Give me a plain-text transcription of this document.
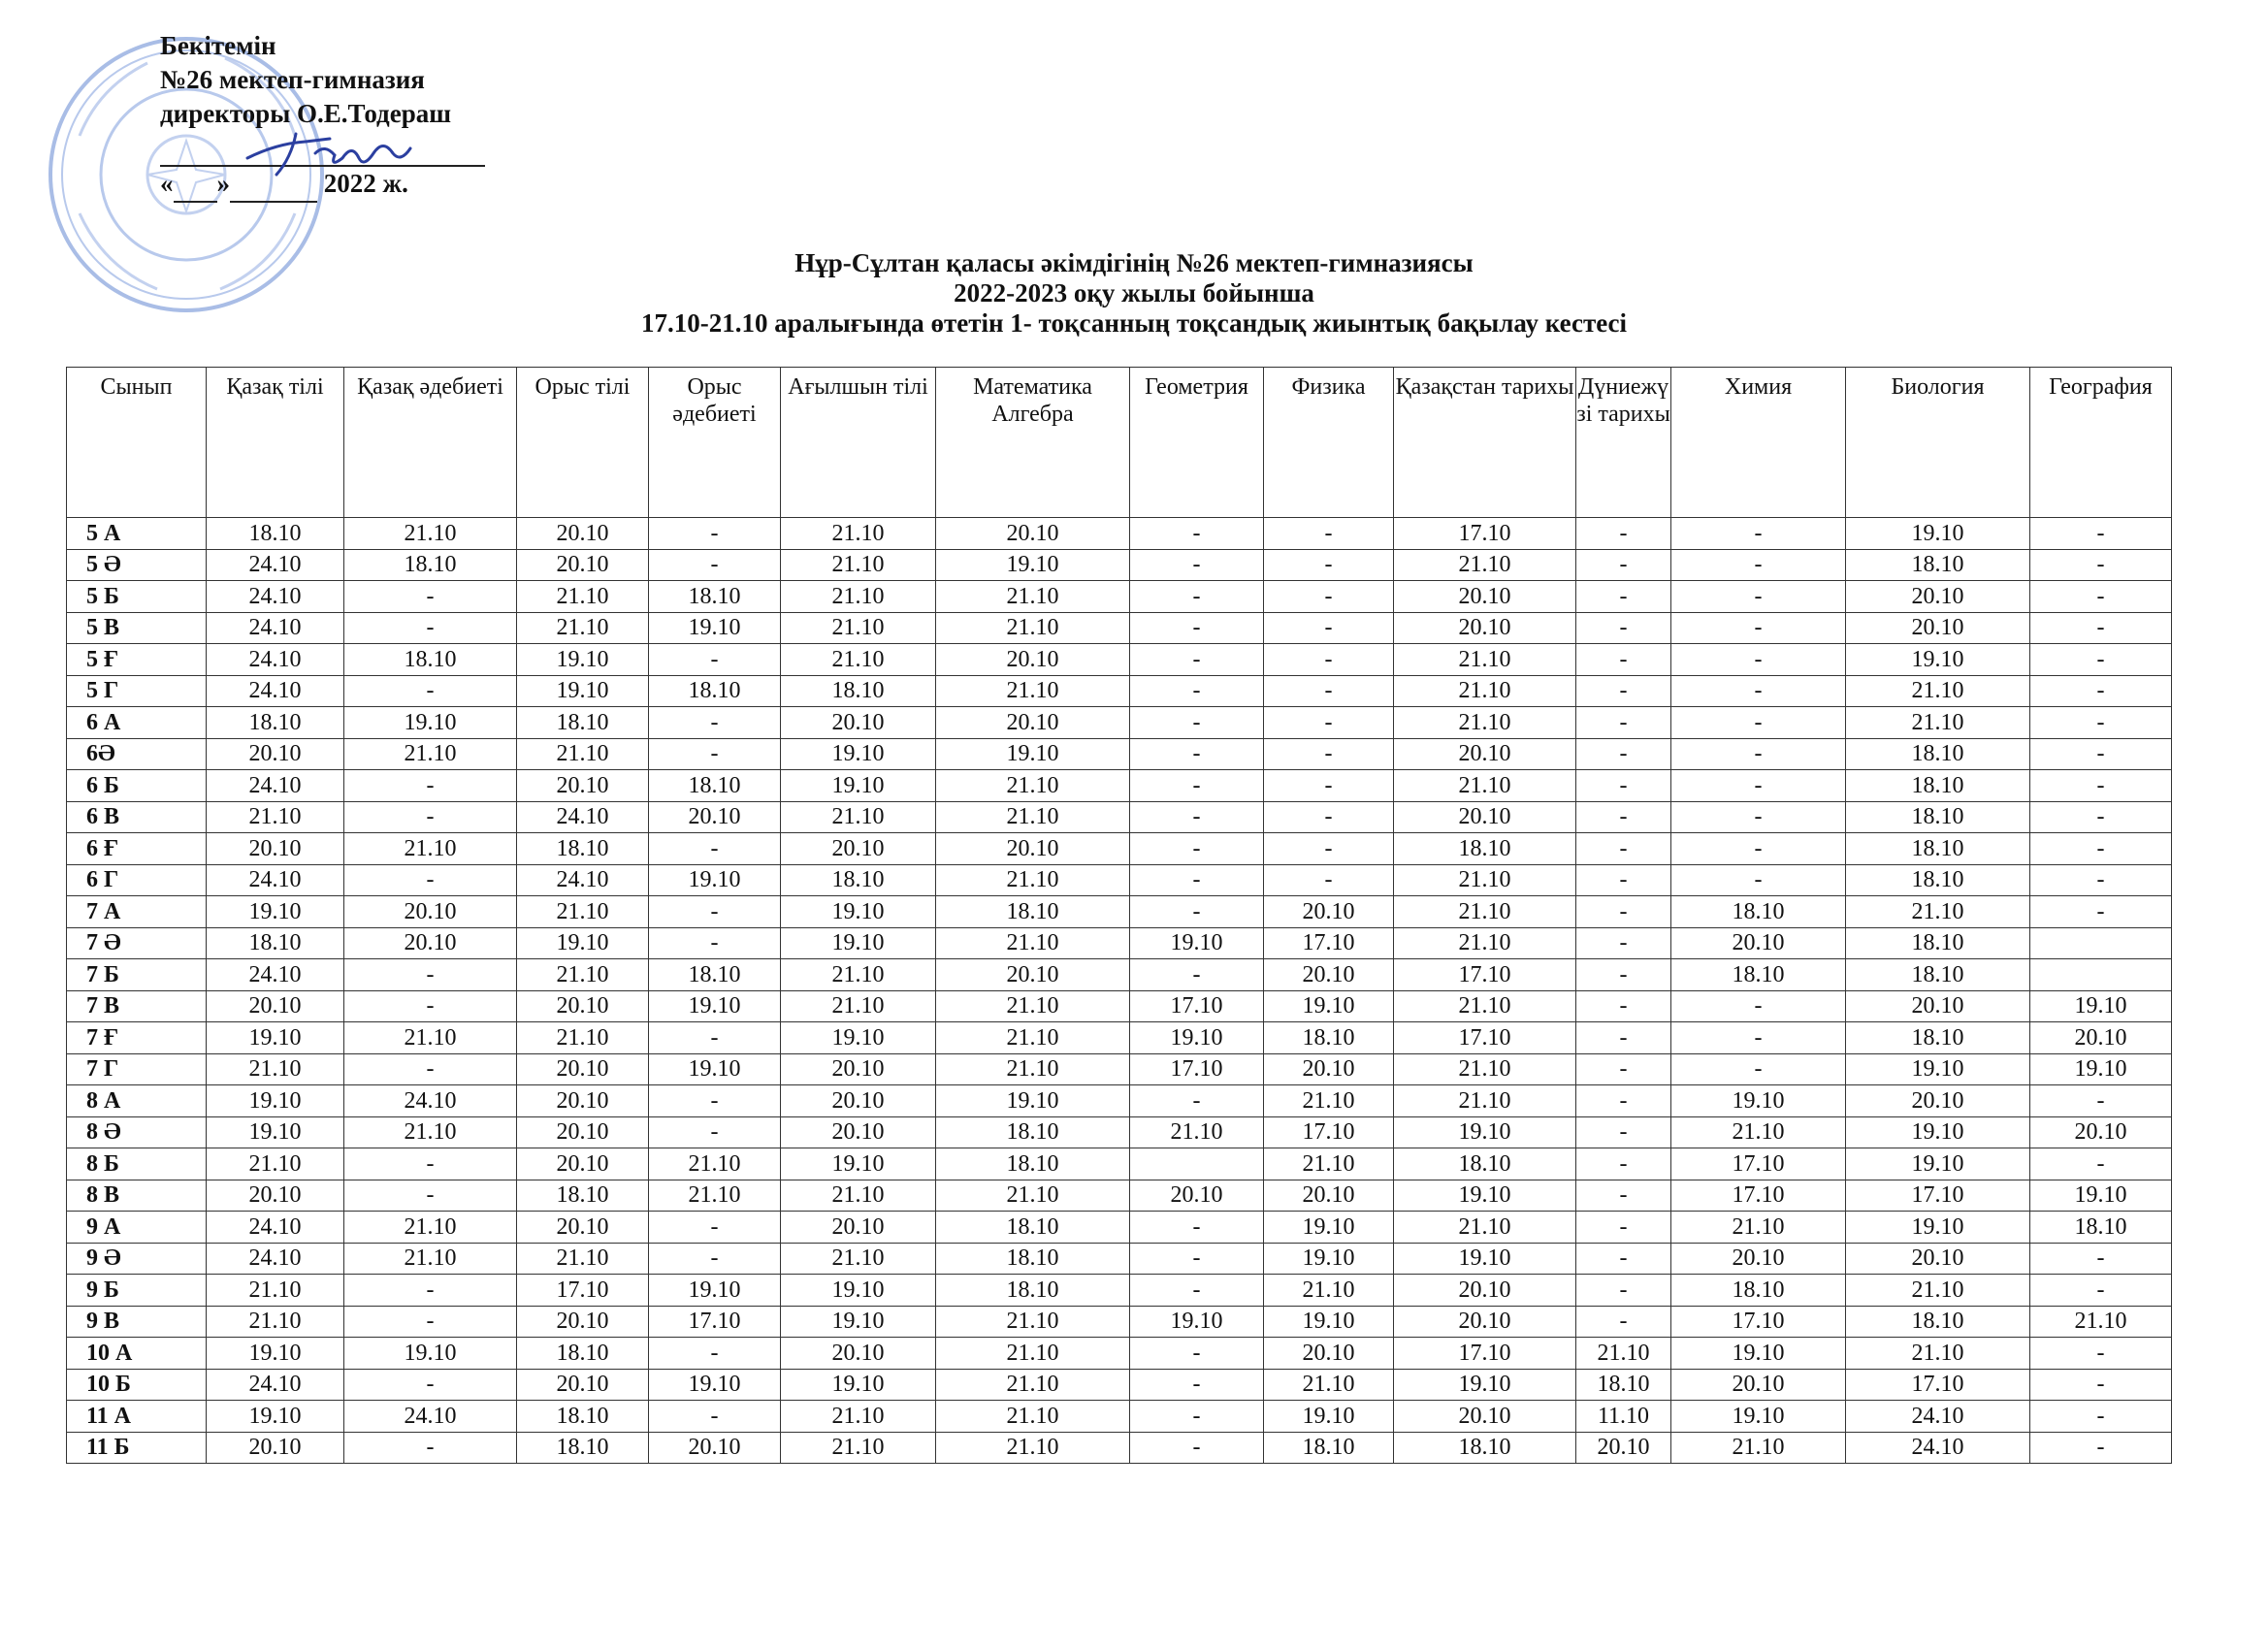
Бекітемін
№26 мектеп-гимназия
директоры О.Е.Тодераш

« »	2022 ж.
Нұр-Сұлтан қаласы әкімдігінің №26 мектеп-гимназиясы
2022-2023 оқу жылы бойынша
17.10-21.10 аралығында өтетін 1- тоқсанның тоқсандық жиынтық бақылау кестесі
Сынып	Қазақ тілі	Қазақ әдебиеті	Орыс тілі	Орыс әдебиеті	Ағылшын тілі	Математика Алгебра	Геометрия	Физика	Қазақстан тарихы	Дүниежүзі тарихы	Химия	Биология	География
5 А	18.10	21.10	20.10	-	21.10	20.10	-	-	17.10	-	-	19.10	-
5 Ә	24.10	18.10	20.10	-	21.10	19.10	-	-	21.10	-	-	18.10	-
5 Б	24.10	-	21.10	18.10	21.10	21.10	-	-	20.10	-	-	20.10	-
5 В	24.10	-	21.10	19.10	21.10	21.10	-	-	20.10	-	-	20.10	-
5 Ғ	24.10	18.10	19.10	-	21.10	20.10	-	-	21.10	-	-	19.10	-
5 Г	24.10	-	19.10	18.10	18.10	21.10	-	-	21.10	-	-	21.10	-
6 А	18.10	19.10	18.10	-	20.10	20.10	-	-	21.10	-	-	21.10	-
6Ә	20.10	21.10	21.10	-	19.10	19.10	-	-	20.10	-	-	18.10	-
6 Б	24.10	-	20.10	18.10	19.10	21.10	-	-	21.10	-	-	18.10	-
6 В	21.10	-	24.10	20.10	21.10	21.10	-	-	20.10	-	-	18.10	-
6 Ғ	20.10	21.10	18.10	-	20.10	20.10	-	-	18.10	-	-	18.10	-
6 Г	24.10	-	24.10	19.10	18.10	21.10	-	-	21.10	-	-	18.10	-
7 А	19.10	20.10	21.10	-	19.10	18.10	-	20.10	21.10	-	18.10	21.10	-
7 Ә	18.10	20.10	19.10	-	19.10	21.10	19.10	17.10	21.10	-	20.10	18.10	
7 Б	24.10	-	21.10	18.10	21.10	20.10	-	20.10	17.10	-	18.10	18.10	
7 В	20.10	-	20.10	19.10	21.10	21.10	17.10	19.10	21.10	-	-	20.10	19.10
7 Ғ	19.10	21.10	21.10	-	19.10	21.10	19.10	18.10	17.10	-	-	18.10	20.10
7 Г	21.10	-	20.10	19.10	20.10	21.10	17.10	20.10	21.10	-	-	19.10	19.10
8 А	19.10	24.10	20.10	-	20.10	19.10	-	21.10	21.10	-	19.10	20.10	-
8 Ә	19.10	21.10	20.10	-	20.10	18.10	21.10	17.10	19.10	-	21.10	19.10	20.10
8 Б	21.10	-	20.10	21.10	19.10	18.10		21.10	18.10	-	17.10	19.10	-
8 В	20.10	-	18.10	21.10	21.10	21.10	20.10	20.10	19.10	-	17.10	17.10	19.10
9 А	24.10	21.10	20.10	-	20.10	18.10	-	19.10	21.10	-	21.10	19.10	18.10
9 Ә	24.10	21.10	21.10	-	21.10	18.10	-	19.10	19.10	-	20.10	20.10	-
9 Б	21.10	-	17.10	19.10	19.10	18.10	-	21.10	20.10	-	18.10	21.10	-
9 В	21.10	-	20.10	17.10	19.10	21.10	19.10	19.10	20.10	-	17.10	18.10	21.10
10 А	19.10	19.10	18.10	-	20.10	21.10	-	20.10	17.10	21.10	19.10	21.10	-
10 Б	24.10	-	20.10	19.10	19.10	21.10	-	21.10	19.10	18.10	20.10	17.10	-
11 А	19.10	24.10	18.10	-	21.10	21.10	-	19.10	20.10	11.10	19.10	24.10	-
11 Б	20.10	-	18.10	20.10	21.10	21.10	-	18.10	18.10	20.10	21.10	24.10	-
